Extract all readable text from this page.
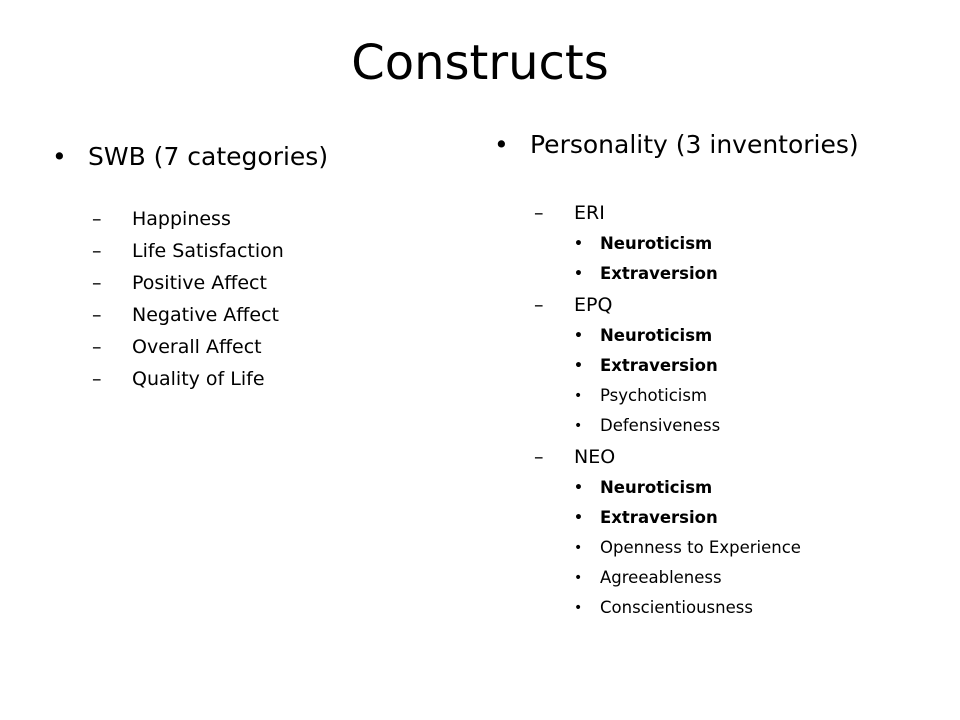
Constructs
• SWB (7 categories)
– Happiness
– Life Satisfaction
– Positive Affect
– Negative Affect
– Overall Affect
– Quality of Life
• Personality (3 inventories)
– ERI
• Neuroticism
• Extraversion
– EPQ
• Neuroticism
• Extraversion
• Psychoticism
• Defensiveness
– NEO
• Neuroticism
• Extraversion
• Openness to Experience
• Agreeableness
• Conscientiousness
